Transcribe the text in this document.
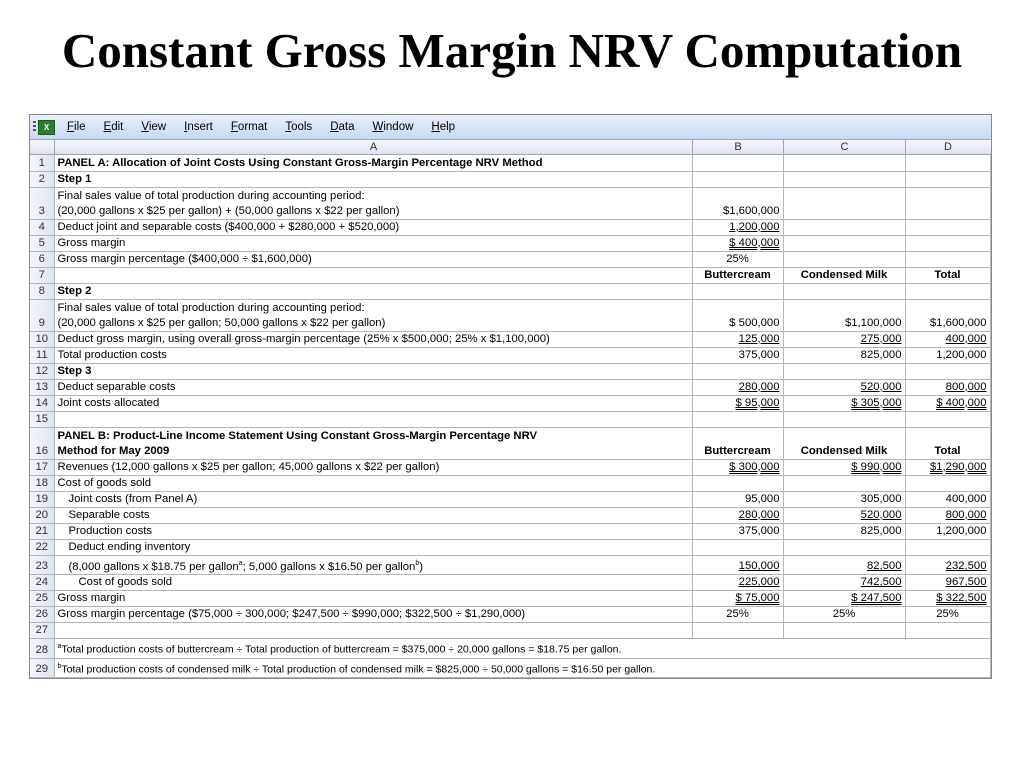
Constant Gross Margin NRV Computation
X	File Edit View Insert Format Tools Data Window Help
A	B	C	D
1	PANEL A: Allocation of Joint Costs Using Constant Gross-Margin Percentage NRV Method			
2	Step 1			
3	Final sales value of total production during accounting period:
(20,000 gallons x $25 per gallon) + (50,000 gallons x $22 per gallon)	$1,600,000		
4	Deduct joint and separable costs ($400,000 + $280,000 + $520,000)	1,200,000		
5	Gross margin	$ 400,000		
6	Gross margin percentage ($400,000 ÷ $1,600,000)	25%		
7		Buttercream	Condensed Milk	Total
8	Step 2			
9	Final sales value of total production during accounting period:
(20,000 gallons x $25 per gallon; 50,000 gallons x $22 per gallon)	$ 500,000	$1,100,000	$1,600,000
10	Deduct gross margin, using overall gross-margin percentage (25% x $500,000; 25% x $1,100,000)	125,000	275,000	400,000
11	Total production costs	375,000	825,000	1,200,000
12	Step 3			
13	Deduct separable costs	280,000	520,000	800,000
14	Joint costs allocated	$ 95,000	$ 305,000	$ 400,000
15				
16	PANEL B: Product-Line Income Statement Using Constant Gross-Margin Percentage NRV
Method for May 2009	Buttercream	Condensed Milk	Total
17	Revenues (12,000 gallons x $25 per gallon; 45,000 gallons x $22 per gallon)	$ 300,000	$ 990,000	$1,290,000
18	Cost of goods sold			
19	Joint costs (from Panel A)	95,000	305,000	400,000
20	Separable costs	280,000	520,000	800,000
21	Production costs	375,000	825,000	1,200,000
22	Deduct ending inventory			
23	(8,000 gallons x $18.75 per gallon$^a$; 5,000 gallons x $16.50 per gallon$^b$)	150,000	82,500	232,500
24	Cost of goods sold	225,000	742,500	967,500
25	Gross margin	$ 75,000	$ 247,500	$ 322,500
26	Gross margin percentage ($75,000 ÷ 300,000; $247,500 ÷ $990,000; $322,500 ÷ $1,290,000)	25%	25%	25%
27				
28	$^a$Total production costs of buttercream ÷ Total production of buttercream = $375,000 ÷ 20,000 gallons = $18.75 per gallon.			
29	$^b$Total production costs of condensed milk ÷ Total production of condensed milk = $825,000 ÷ 50,000 gallons = $16.50 per gallon.			
